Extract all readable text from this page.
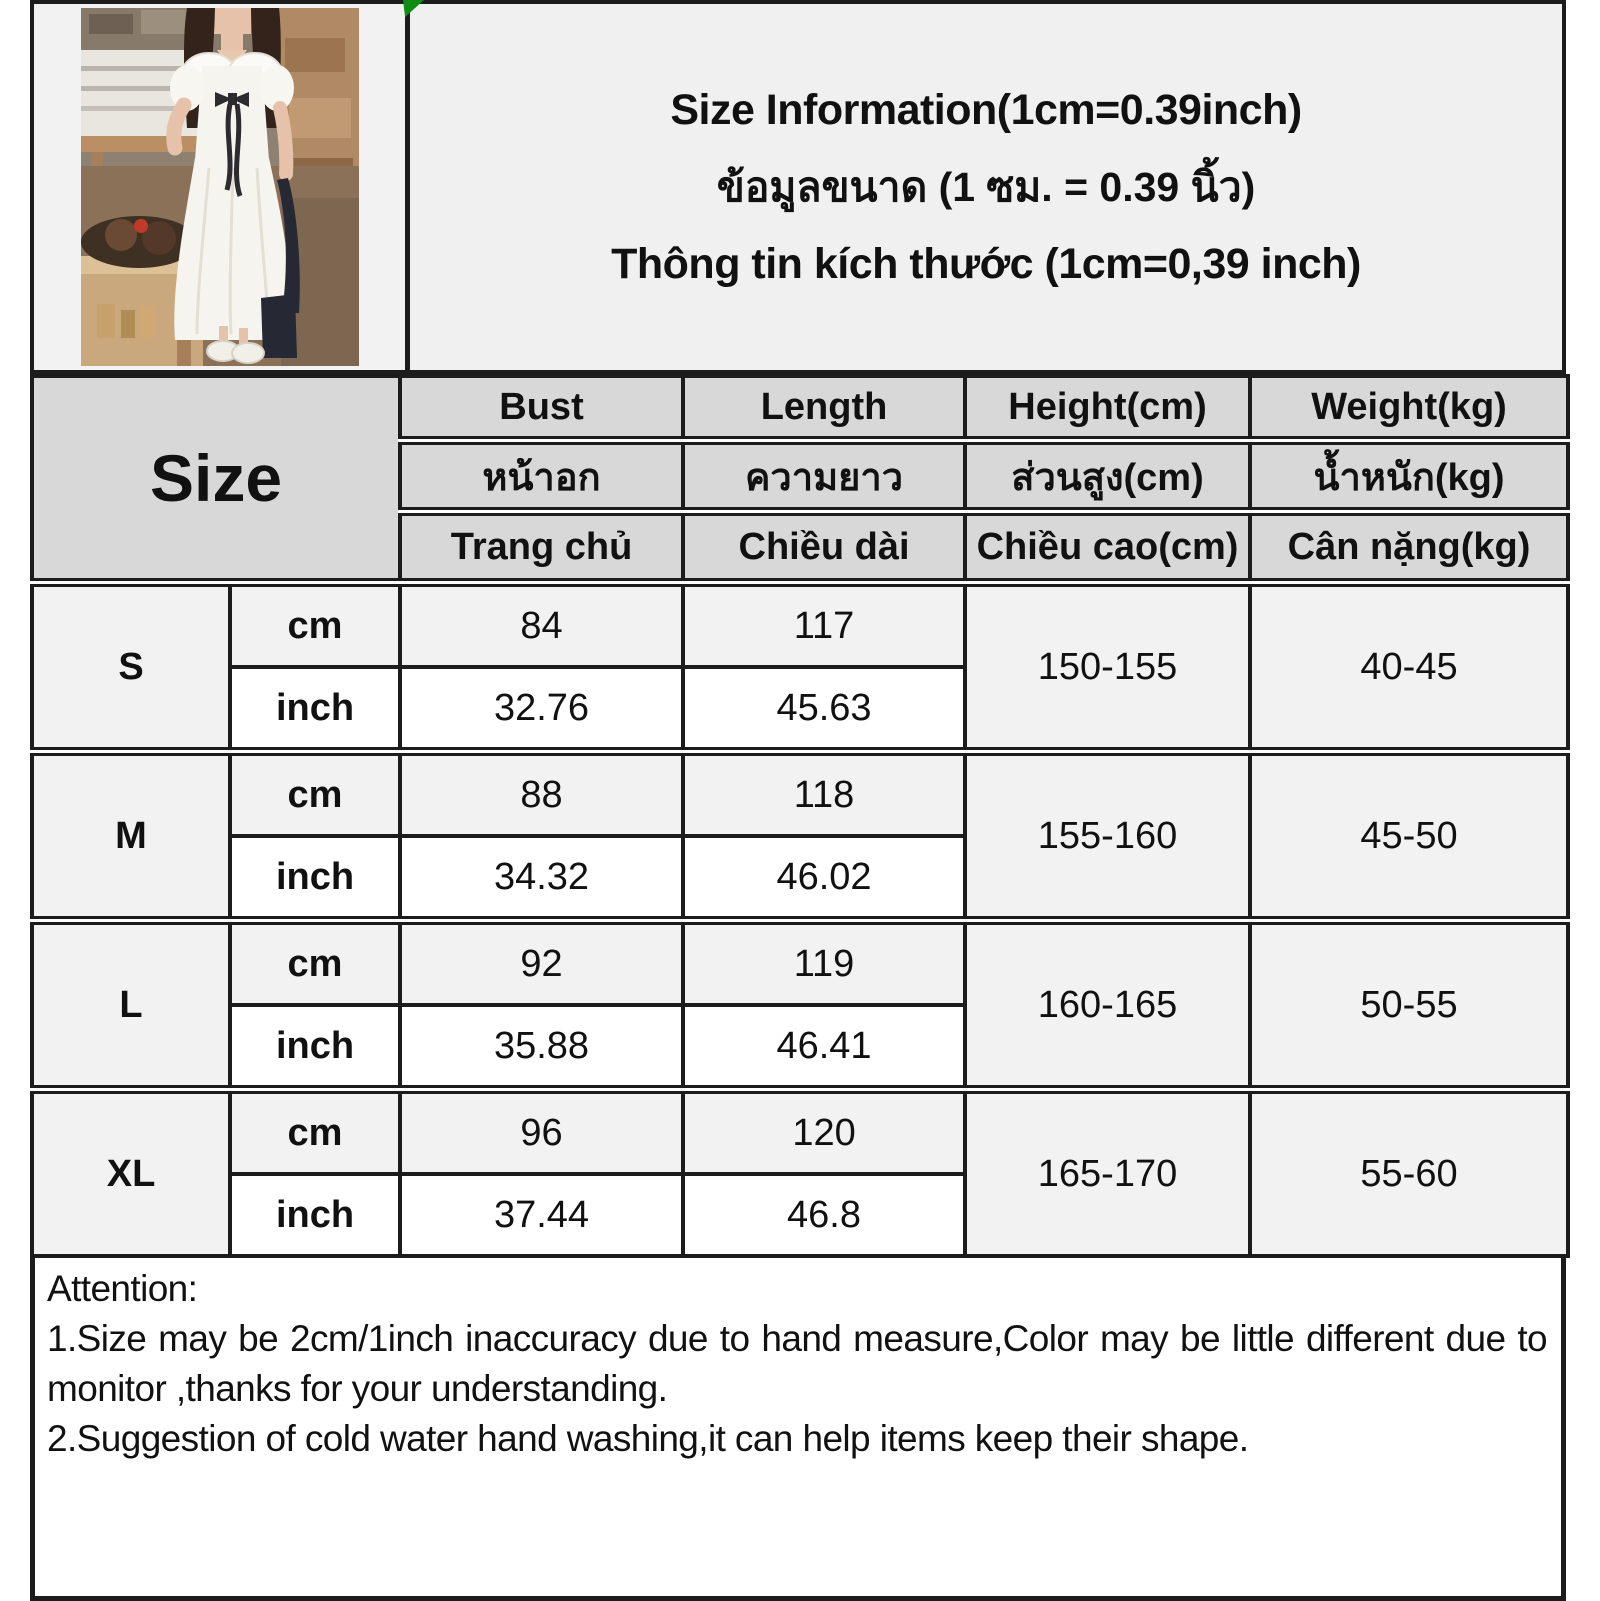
Size Information(1cm=0.39inch)
ข้อมูลขนาด (1 ซม. = 0.39 นิ้ว)
Thông tin kích thước (1cm=0,39 inch)
Size		Bust	Length	Height(cm)	Weight(kg)
		หน้าอก	ความยาว	ส่วนสูง(cm)	น้ำหนัก(kg)
		Trang chủ	Chiều dài	Chiều cao(cm)	Cân nặng(kg)
S	cm	84	117	150-155	40-45
	inch	32.76	45.63		
M	cm	88	118	155-160	45-50
	inch	34.32	46.02		
L	cm	92	119	160-165	50-55
	inch	35.88	46.41		
XL	cm	96	120	165-170	55-60
	inch	37.44	46.8		

Attention:

1.Size may be 2cm/1inch inaccuracy due to hand measure,Color may be little different due to monitor ,thanks for your understanding.

2.Suggestion of cold water hand washing,it can help items keep their shape.
